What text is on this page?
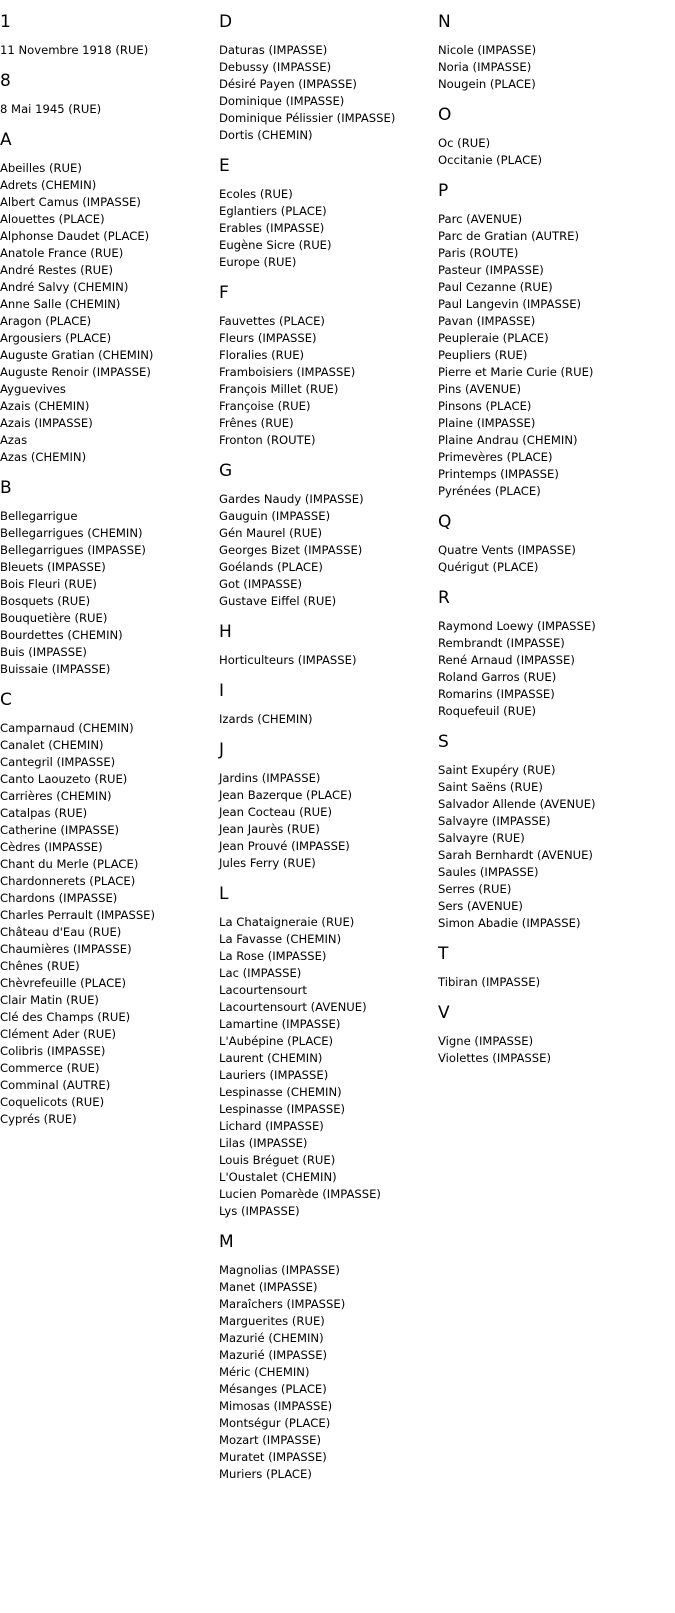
1
11 Novembre 1918 (RUE)
8
8 Mai 1945 (RUE)
A
Abeilles (RUE)
Adrets (CHEMIN)
Albert Camus (IMPASSE)
Alouettes (PLACE)
Alphonse Daudet (PLACE)
Anatole France (RUE)
André Restes (RUE)
André Salvy (CHEMIN)
Anne Salle (CHEMIN)
Aragon (PLACE)
Argousiers (PLACE)
Auguste Gratian (CHEMIN)
Auguste Renoir (IMPASSE)
Ayguevives
Azais (CHEMIN)
Azais (IMPASSE)
Azas
Azas (CHEMIN)
B
Bellegarrigue
Bellegarrigues (CHEMIN)
Bellegarrigues (IMPASSE)
Bleuets (IMPASSE)
Bois Fleuri (RUE)
Bosquets (RUE)
Bouquetière (RUE)
Bourdettes (CHEMIN)
Buis (IMPASSE)
Buissaie (IMPASSE)
C
Camparnaud (CHEMIN)
Canalet (CHEMIN)
Cantegril (IMPASSE)
Canto Laouzeto (RUE)
Carrières (CHEMIN)
Catalpas (RUE)
Catherine (IMPASSE)
Cèdres (IMPASSE)
Chant du Merle (PLACE)
Chardonnerets (PLACE)
Chardons (IMPASSE)
Charles Perrault (IMPASSE)
Château d'Eau (RUE)
Chaumières (IMPASSE)
Chênes (RUE)
Chèvrefeuille (PLACE)
Clair Matin (RUE)
Clé des Champs (RUE)
Clément Ader (RUE)
Colibris (IMPASSE)
Commerce (RUE)
Comminal (AUTRE)
Coquelicots (RUE)
Cyprés (RUE)
D
Daturas (IMPASSE)
Debussy (IMPASSE)
Désiré Payen (IMPASSE)
Dominique (IMPASSE)
Dominique Pélissier (IMPASSE)
Dortis (CHEMIN)
E
Ecoles (RUE)
Eglantiers (PLACE)
Erables (IMPASSE)
Eugène Sicre (RUE)
Europe (RUE)
F
Fauvettes (PLACE)
Fleurs (IMPASSE)
Floralies (RUE)
Framboisiers (IMPASSE)
François Millet (RUE)
Françoise (RUE)
Frênes (RUE)
Fronton (ROUTE)
G
Gardes Naudy (IMPASSE)
Gauguin (IMPASSE)
Gén Maurel (RUE)
Georges Bizet (IMPASSE)
Goélands (PLACE)
Got (IMPASSE)
Gustave Eiffel (RUE)
H
Horticulteurs (IMPASSE)
I
Izards (CHEMIN)
J
Jardins (IMPASSE)
Jean Bazerque (PLACE)
Jean Cocteau (RUE)
Jean Jaurès (RUE)
Jean Prouvé (IMPASSE)
Jules Ferry (RUE)
L
La Chataigneraie (RUE)
La Favasse (CHEMIN)
La Rose (IMPASSE)
Lac (IMPASSE)
Lacourtensourt
Lacourtensourt (AVENUE)
Lamartine (IMPASSE)
L'Aubépine (PLACE)
Laurent (CHEMIN)
Lauriers (IMPASSE)
Lespinasse (CHEMIN)
Lespinasse (IMPASSE)
Lichard (IMPASSE)
Lilas (IMPASSE)
Louis Bréguet (RUE)
L'Oustalet (CHEMIN)
Lucien Pomarède (IMPASSE)
Lys (IMPASSE)
M
Magnolias (IMPASSE)
Manet (IMPASSE)
Maraîchers (IMPASSE)
Marguerites (RUE)
Mazurié (CHEMIN)
Mazurié (IMPASSE)
Méric (CHEMIN)
Mésanges (PLACE)
Mimosas (IMPASSE)
Montségur (PLACE)
Mozart (IMPASSE)
Muratet (IMPASSE)
Muriers (PLACE)
N
Nicole (IMPASSE)
Noria (IMPASSE)
Nougein (PLACE)
O
Oc (RUE)
Occitanie (PLACE)
P
Parc (AVENUE)
Parc de Gratian (AUTRE)
Paris (ROUTE)
Pasteur (IMPASSE)
Paul Cezanne (RUE)
Paul Langevin (IMPASSE)
Pavan (IMPASSE)
Peupleraie (PLACE)
Peupliers (RUE)
Pierre et Marie Curie (RUE)
Pins (AVENUE)
Pinsons (PLACE)
Plaine (IMPASSE)
Plaine Andrau (CHEMIN)
Primevères (PLACE)
Printemps (IMPASSE)
Pyrénées (PLACE)
Q
Quatre Vents (IMPASSE)
Quérigut (PLACE)
R
Raymond Loewy (IMPASSE)
Rembrandt (IMPASSE)
René Arnaud (IMPASSE)
Roland Garros (RUE)
Romarins (IMPASSE)
Roquefeuil (RUE)
S
Saint Exupéry (RUE)
Saint Saëns (RUE)
Salvador Allende (AVENUE)
Salvayre (IMPASSE)
Salvayre (RUE)
Sarah Bernhardt (AVENUE)
Saules (IMPASSE)
Serres (RUE)
Sers (AVENUE)
Simon Abadie (IMPASSE)
T
Tibiran (IMPASSE)
V
Vigne (IMPASSE)
Violettes (IMPASSE)
